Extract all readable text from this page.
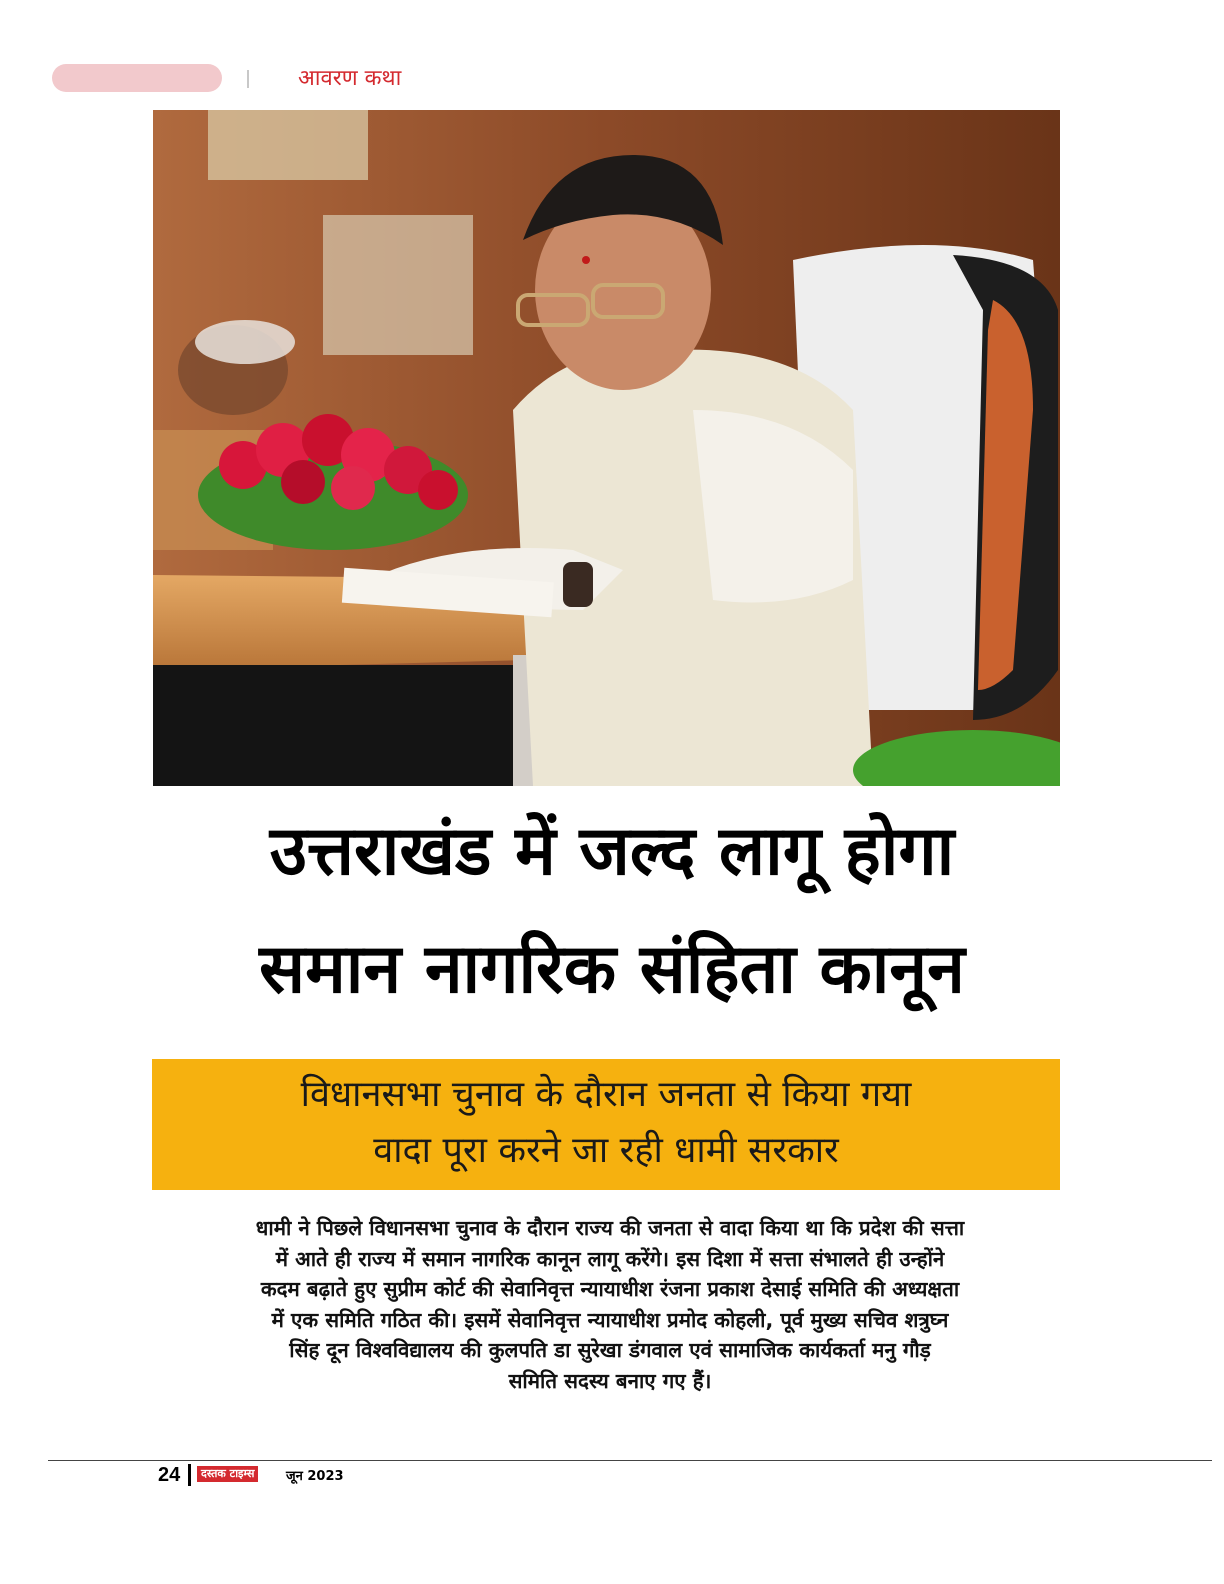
आवरण कथा
उत्तराखंड में जल्द लागू होगा
समान नागरिक संहिता कानून
विधानसभा चुनाव के दौरान जनता से किया गया
वादा पूरा करने जा रही धामी सरकार
धामी ने पिछले विधानसभा चुनाव के दौरान राज्य की जनता से वादा किया था कि प्रदेश की सत्ता
में आते ही राज्य में समान नागरिक कानून लागू करेंगे। इस दिशा में सत्ता संभालते ही उन्होंने
कदम बढ़ाते हुए सुप्रीम कोर्ट की सेवानिवृत्त न्यायाधीश रंजना प्रकाश देसाई समिति की अध्यक्षता
में एक समिति गठित की। इसमें सेवानिवृत्त न्यायाधीश प्रमोद कोहली, पूर्व मुख्य सचिव शत्रुघ्न
सिंह दून विश्वविद्यालय की कुलपति डा सुरेखा डंगवाल एवं सामाजिक कार्यकर्ता मनु गौड़
समिति सदस्य बनाए गए हैं।
24	दस्तक टाइम्स	जून 2023
